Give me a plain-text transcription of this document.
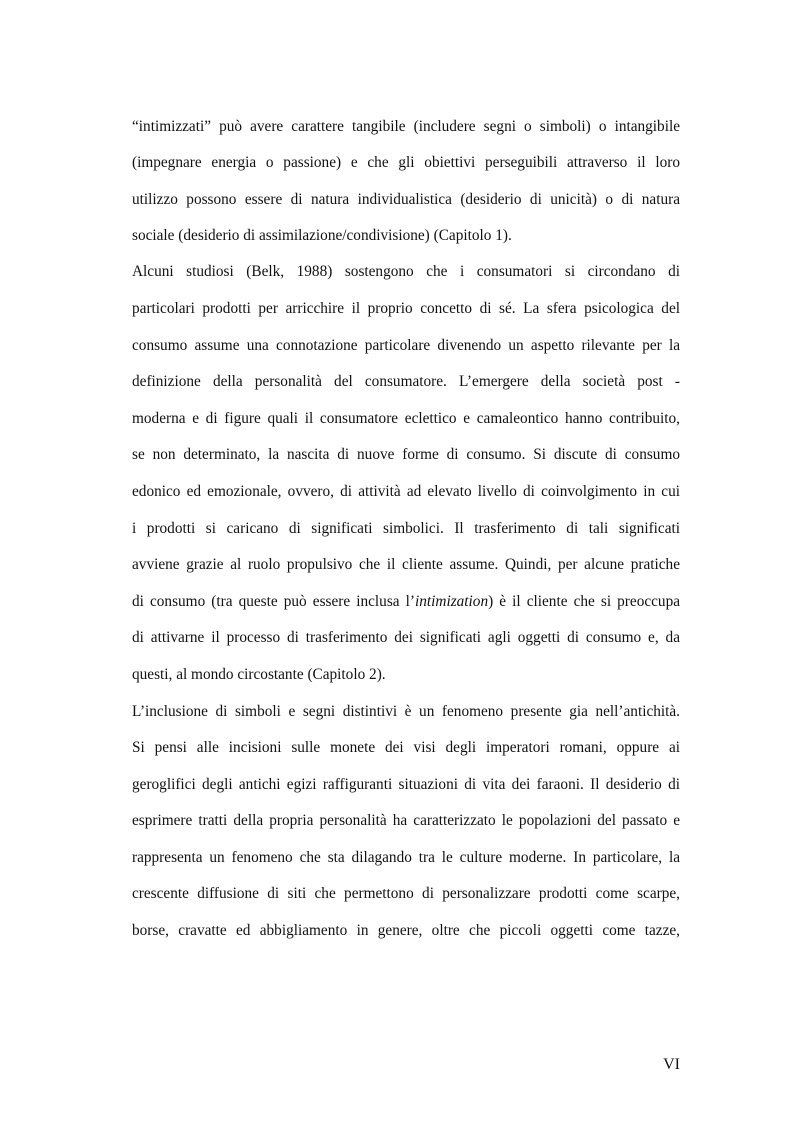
“intimizzati” può avere carattere tangibile (includere segni o simboli) o intangibile
(impegnare energia o passione) e che gli obiettivi perseguibili attraverso il loro
utilizzo possono essere di natura individualistica (desiderio di unicità) o di natura
sociale (desiderio di assimilazione/condivisione) (Capitolo 1).
Alcuni studiosi (Belk, 1988) sostengono che i consumatori si circondano di
particolari prodotti per arricchire il proprio concetto di sé. La sfera psicologica del
consumo assume una connotazione particolare divenendo un aspetto rilevante per la
definizione della personalità del consumatore. L’emergere della società post -
moderna e di figure quali il consumatore eclettico e camaleontico hanno contribuito,
se non determinato, la nascita di nuove forme di consumo. Si discute di consumo
edonico ed emozionale, ovvero, di attività ad elevato livello di coinvolgimento in cui
i prodotti si caricano di significati simbolici. Il trasferimento di tali significati
avviene grazie al ruolo propulsivo che il cliente assume. Quindi, per alcune pratiche
di consumo (tra queste può essere inclusa l’intimization) è il cliente che si preoccupa
di attivarne il processo di trasferimento dei significati agli oggetti di consumo e, da
questi, al mondo circostante (Capitolo 2).
L’inclusione di simboli e segni distintivi è un fenomeno presente gia nell’antichità.
Si pensi alle incisioni sulle monete dei visi degli imperatori romani, oppure ai
geroglifici degli antichi egizi raffiguranti situazioni di vita dei faraoni. Il desiderio di
esprimere tratti della propria personalità ha caratterizzato le popolazioni del passato e
rappresenta un fenomeno che sta dilagando tra le culture moderne. In particolare, la
crescente diffusione di siti che permettono di personalizzare prodotti come scarpe,
borse, cravatte ed abbigliamento in genere, oltre che piccoli oggetti come tazze,
VI
